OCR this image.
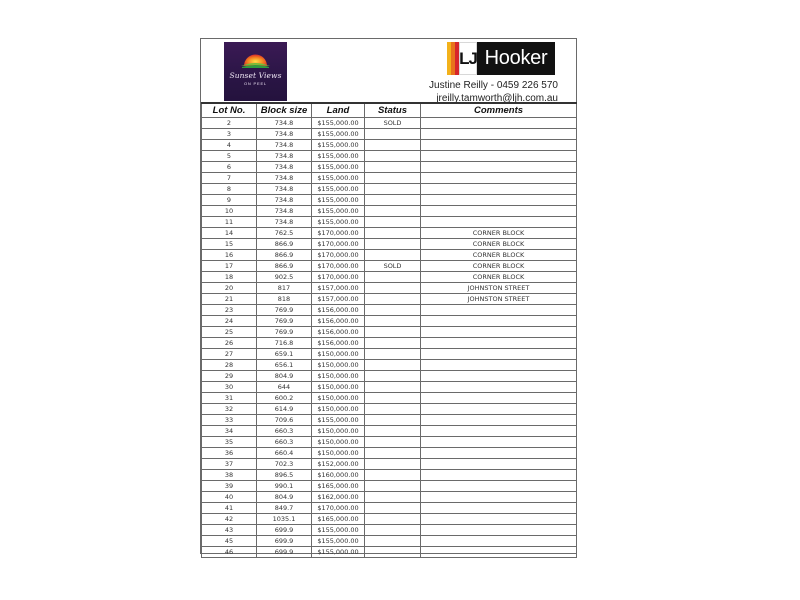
Sunset Views
ON PEEL
LJ Hooker
Justine Reilly - 0459 226 570
jreilly.tamworth@ljh.com.au
Lot No.	Block size	Land	Status	Comments
2	734.8	$155,000.00	SOLD	
3	734.8	$155,000.00		
4	734.8	$155,000.00		
5	734.8	$155,000.00		
6	734.8	$155,000.00		
7	734.8	$155,000.00		
8	734.8	$155,000.00		
9	734.8	$155,000.00		
10	734.8	$155,000.00		
11	734.8	$155,000.00		
14	762.5	$170,000.00		CORNER BLOCK
15	866.9	$170,000.00		CORNER BLOCK
16	866.9	$170,000.00		CORNER BLOCK
17	866.9	$170,000.00	SOLD	CORNER BLOCK
18	902.5	$170,000.00		CORNER BLOCK
20	817	$157,000.00		JOHNSTON STREET
21	818	$157,000.00		JOHNSTON STREET
23	769.9	$156,000.00		
24	769.9	$156,000.00		
25	769.9	$156,000.00		
26	716.8	$156,000.00		
27	659.1	$150,000.00		
28	656.1	$150,000.00		
29	804.9	$150,000.00		
30	644	$150,000.00		
31	600.2	$150,000.00		
32	614.9	$150,000.00		
33	709.6	$155,000.00		
34	660.3	$150,000.00		
35	660.3	$150,000.00		
36	660.4	$150,000.00		
37	702.3	$152,000.00		
38	896.5	$160,000.00		
39	990.1	$165,000.00		
40	804.9	$162,000.00		
41	849.7	$170,000.00		
42	1035.1	$165,000.00		
43	699.9	$155,000.00		
45	699.9	$155,000.00		
46	699.9	$155,000.00		
